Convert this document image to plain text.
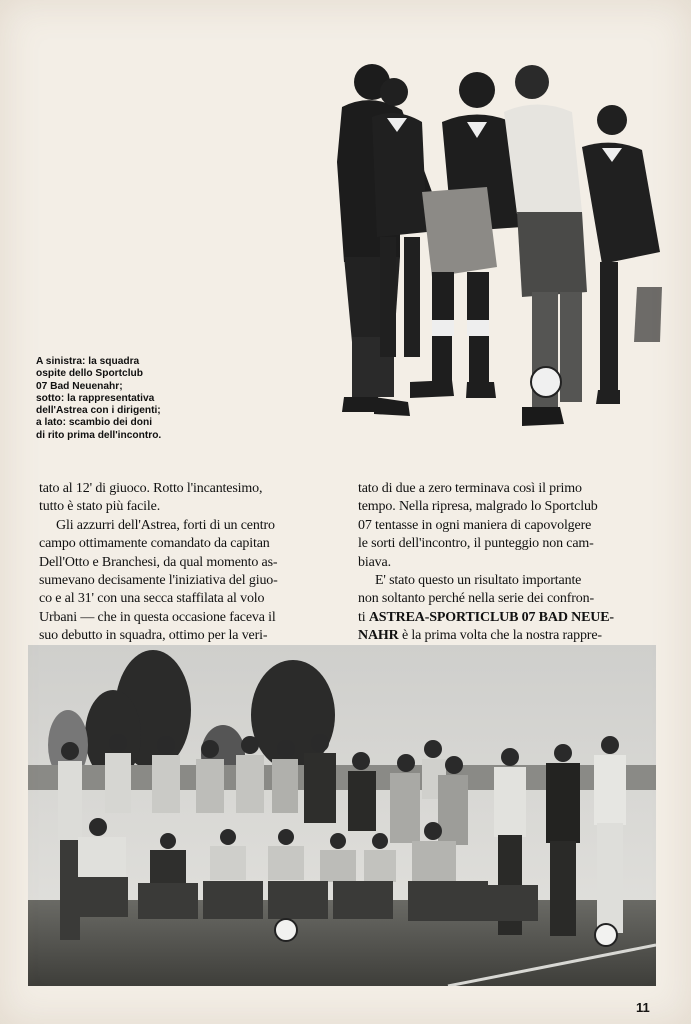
A sinistra: la squadra
ospite dello Sportclub
07 Bad Neuenahr;
sotto: la rappresentativa
dell'Astrea con i dirigenti;
a lato: scambio dei doni
di rito prima dell'incontro.
tato al 12' di giuoco. Rotto l'incantesimo,
tutto è stato più facile.
Gli azzurri dell'Astrea, forti di un centro
campo ottimamente comandato da capitan
Dell'Otto e Branchesi, da qual momento as-
sumevano decisamente l'iniziativa del giuo-
co e al 31' con una secca staffilata al volo
Urbani — che in questa occasione faceva il
suo debutto in squadra, ottimo per la veri-
tato di due a zero terminava così il primo
tempo. Nella ripresa, malgrado lo Sportclub
07 tentasse in ogni maniera di capovolgere
le sorti dell'incontro, il punteggio non cam-
biava.
E' stato questo un risultato importante
non soltanto perché nella serie dei confron-
ti ASTREA-SPORTICLUB 07 BAD NEUE-
NAHR è la prima volta che la nostra rappre-
11
